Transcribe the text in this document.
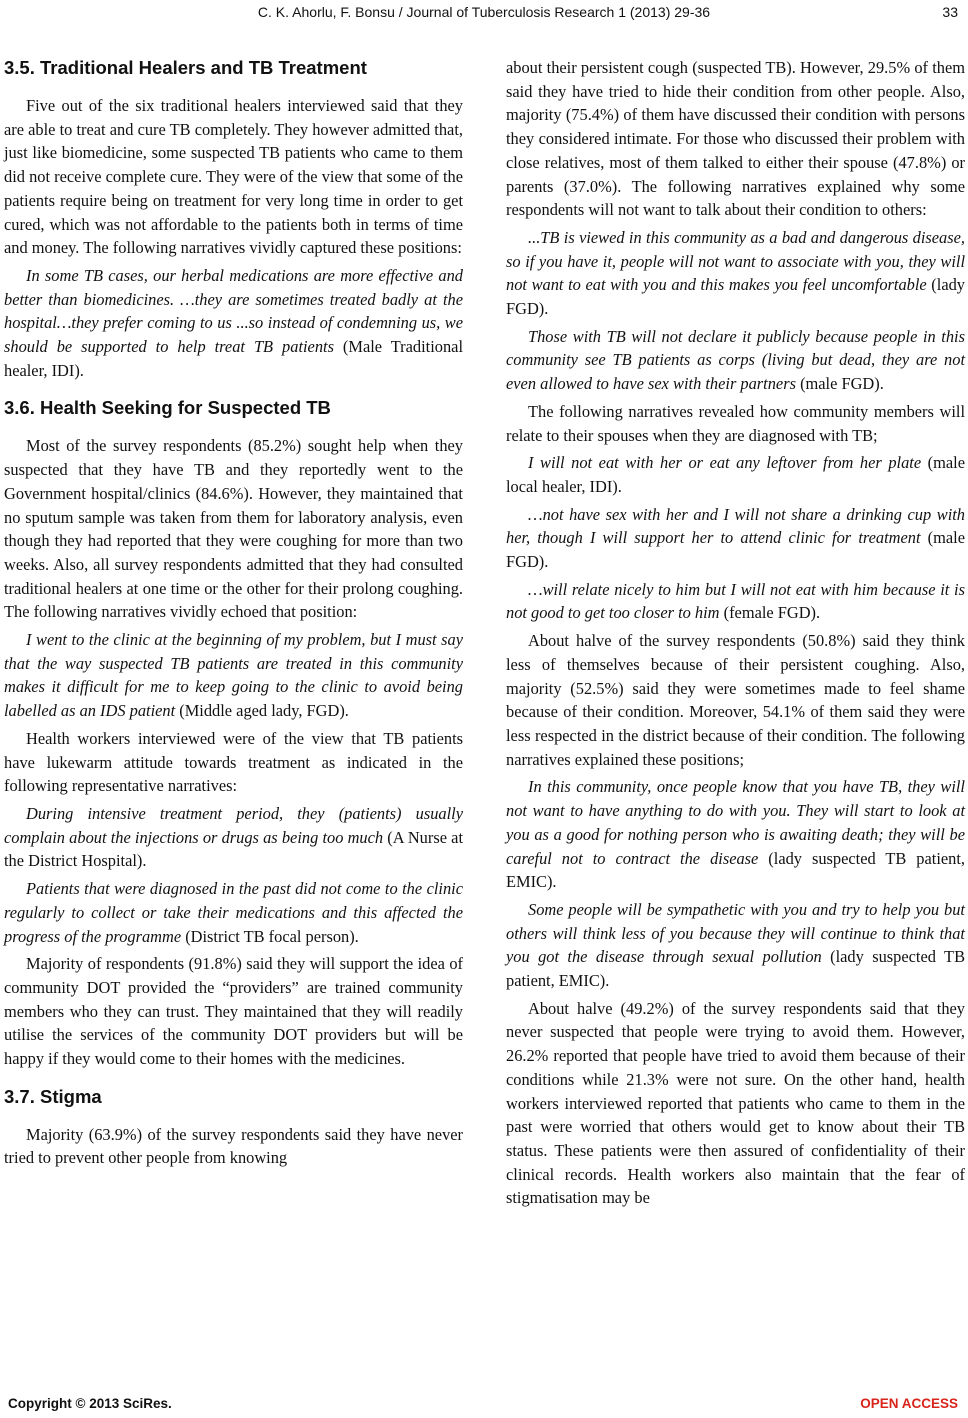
C. K. Ahorlu, F. Bonsu / Journal of Tuberculosis Research 1 (2013) 29-36	33
3.5. Traditional Healers and TB Treatment

Five out of the six traditional healers interviewed said that they are able to treat and cure TB completely. They however admitted that, just like biomedicine, some suspected TB patients who came to them did not receive complete cure. They were of the view that some of the patients require being on treatment for very long time in order to get cured, which was not affordable to the patients both in terms of time and money. The following narratives vividly captured these positions:

In some TB cases, our herbal medications are more effective and better than biomedicines. …they are sometimes treated badly at the hospital…they prefer coming to us ...so instead of condemning us, we should be supported to help treat TB patients (Male Traditional healer, IDI).

3.6. Health Seeking for Suspected TB

Most of the survey respondents (85.2%) sought help when they suspected that they have TB and they reportedly went to the Government hospital/clinics (84.6%). However, they maintained that no sputum sample was taken from them for laboratory analysis, even though they had reported that they were coughing for more than two weeks. Also, all survey respondents admitted that they had consulted traditional healers at one time or the other for their prolong coughing. The following narratives vividly echoed that position:

I went to the clinic at the beginning of my problem, but I must say that the way suspected TB patients are treated in this community makes it difficult for me to keep going to the clinic to avoid being labelled as an IDS patient (Middle aged lady, FGD).

Health workers interviewed were of the view that TB patients have lukewarm attitude towards treatment as indicated in the following representative narratives:

During intensive treatment period, they (patients) usually complain about the injections or drugs as being too much (A Nurse at the District Hospital).

Patients that were diagnosed in the past did not come to the clinic regularly to collect or take their medications and this affected the progress of the programme (District TB focal person).

Majority of respondents (91.8%) said they will support the idea of community DOT provided the “providers” are trained community members who they can trust. They maintained that they will readily utilise the services of the community DOT providers but will be happy if they would come to their homes with the medicines.

3.7. Stigma

Majority (63.9%) of the survey respondents said they have never tried to prevent other people from knowing

about their persistent cough (suspected TB). However, 29.5% of them said they have tried to hide their condition from other people. Also, majority (75.4%) of them have discussed their condition with persons they considered intimate. For those who discussed their problem with close relatives, most of them talked to either their spouse (47.8%) or parents (37.0%). The following narratives explained why some respondents will not want to talk about their condition to others:

...TB is viewed in this community as a bad and dangerous disease, so if you have it, people will not want to associate with you, they will not want to eat with you and this makes you feel uncomfortable (lady FGD).

Those with TB will not declare it publicly because people in this community see TB patients as corps (living but dead, they are not even allowed to have sex with their partners (male FGD).

The following narratives revealed how community members will relate to their spouses when they are diagnosed with TB;

I will not eat with her or eat any leftover from her plate (male local healer, IDI).

…not have sex with her and I will not share a drinking cup with her, though I will support her to attend clinic for treatment (male FGD).

…will relate nicely to him but I will not eat with him because it is not good to get too closer to him (female FGD).

About halve of the survey respondents (50.8%) said they think less of themselves because of their persistent coughing. Also, majority (52.5%) said they were sometimes made to feel shame because of their condition. Moreover, 54.1% of them said they were less respected in the district because of their condition. The following narratives explained these positions;

In this community, once people know that you have TB, they will not want to have anything to do with you. They will start to look at you as a good for nothing person who is awaiting death; they will be careful not to contract the disease (lady suspected TB patient, EMIC).

Some people will be sympathetic with you and try to help you but others will think less of you because they will continue to think that you got the disease through sexual pollution (lady suspected TB patient, EMIC).

About halve (49.2%) of the survey respondents said that they never suspected that people were trying to avoid them. However, 26.2% reported that people have tried to avoid them because of their conditions while 21.3% were not sure. On the other hand, health workers interviewed reported that patients who came to them in the past were worried that others would get to know about their TB status. These patients were then assured of confidentiality of their clinical records. Health workers also maintain that the fear of stigmatisation may be

Copyright © 2013 SciRes.	OPEN ACCESS
